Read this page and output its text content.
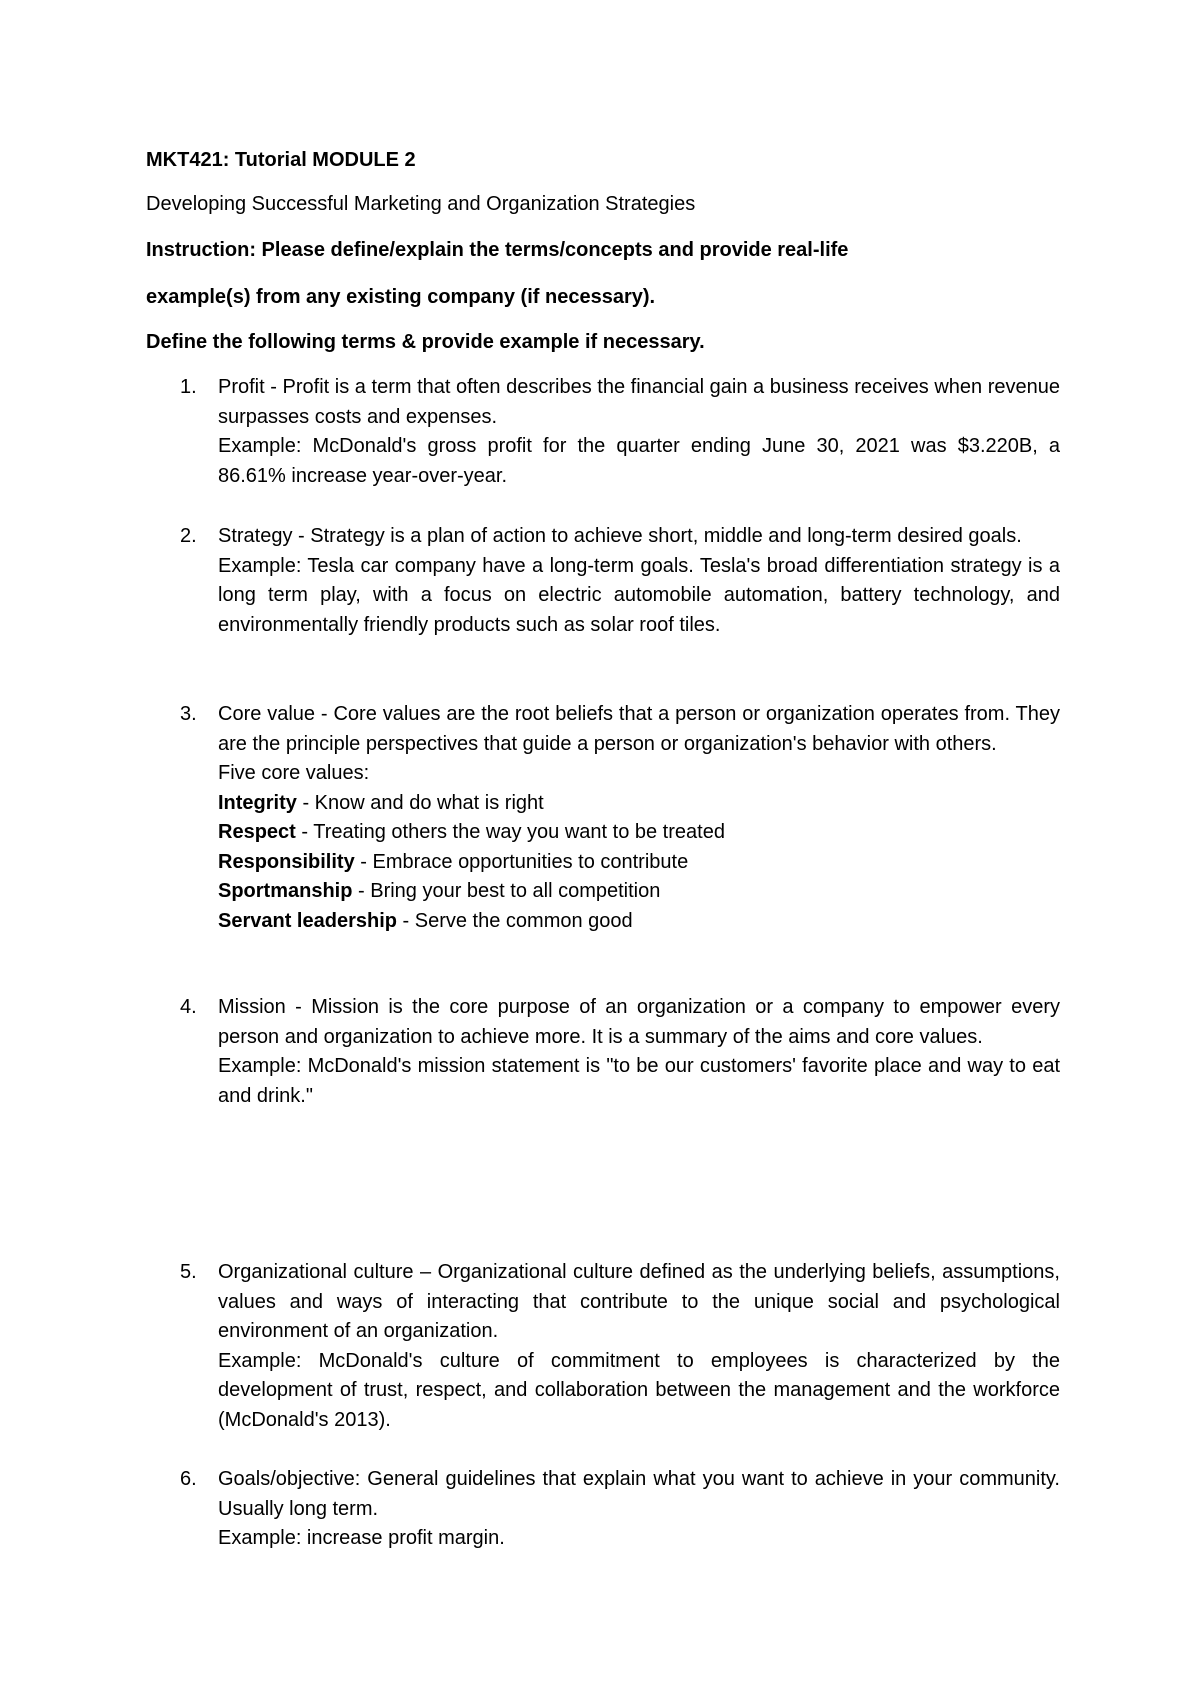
MKT421: Tutorial MODULE 2
Developing Successful Marketing and Organization Strategies
Instruction: Please define/explain the terms/concepts and provide real-life
example(s) from any existing company (if necessary).
Define the following terms & provide example if necessary.
1.	Profit - Profit is a term that often describes the financial gain a business receives when revenue surpasses costs and expenses.
Example: McDonald's gross profit for the quarter ending June 30, 2021 was $3.220B, a 86.61% increase year-over-year.
2.	Strategy - Strategy is a plan of action to achieve short, middle and long-term desired goals.
Example: Tesla car company have a long-term goals. Tesla's broad differentiation strategy is a long term play, with a focus on electric automobile automation, battery technology, and environmentally friendly products such as solar roof tiles.
3.	Core value - Core values are the root beliefs that a person or organization operates from. They are the principle perspectives that guide a person or organization's behavior with others.
Five core values:
Integrity - Know and do what is right
Respect - Treating others the way you want to be treated
Responsibility - Embrace opportunities to contribute
Sportmanship - Bring your best to all competition
Servant leadership - Serve the common good
4.	Mission - Mission is the core purpose of an organization or a company to empower every person and organization to achieve more. It is a summary of the aims and core values.
Example: McDonald's mission statement is "to be our customers' favorite place and way to eat and drink."
5.	Organizational culture – Organizational culture defined as the underlying beliefs, assumptions, values and ways of interacting that contribute to the unique social and psychological environment of an organization.
Example: McDonald's culture of commitment to employees is characterized by the development of trust, respect, and collaboration between the management and the workforce (McDonald's 2013).
6.	Goals/objective: General guidelines that explain what you want to achieve in your community. Usually long term.
Example: increase profit margin.
